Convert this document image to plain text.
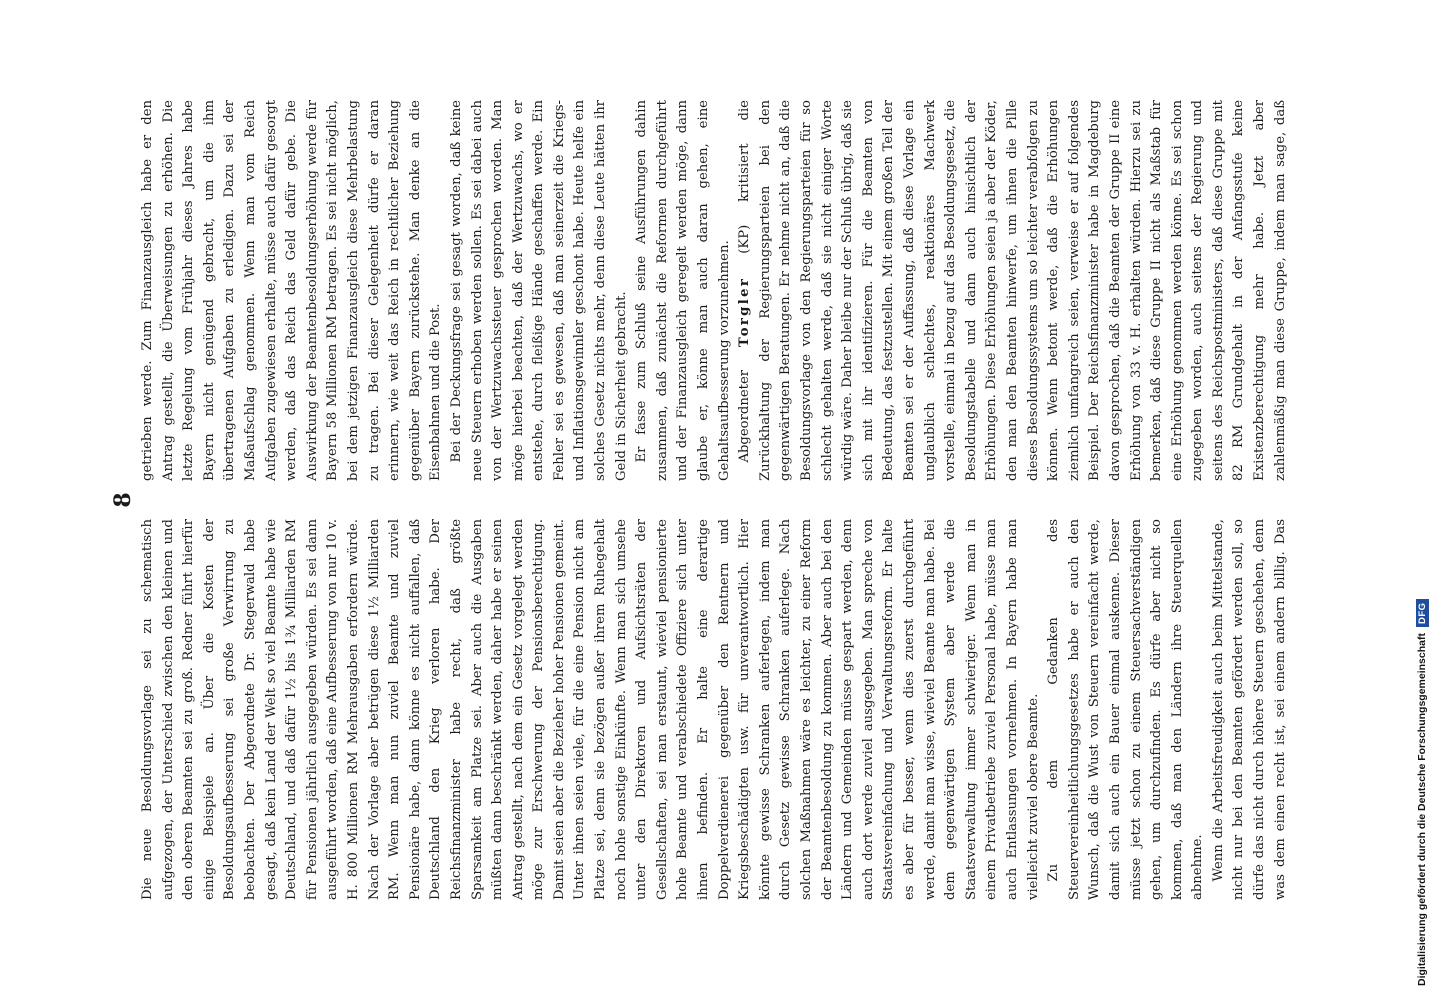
8

Die neue Besoldungsvorlage sei zu schematisch aufgezogen, der Unterschied zwischen den kleinen und den oberen Beamten sei zu groß. Redner führt hierfür einige Beispiele an. Über die Kosten der Besoldungsaufbesserung sei große Verwirrung zu beobachten. Der Abgeordnete Dr. Stegerwald habe gesagt, daß kein Land der Welt so viel Beamte habe wie Deutschland, und daß dafür 1½ bis 1¾ Milliarden RM für Pensionen jährlich ausgegeben würden. Es sei dann ausgeführt worden, daß eine Aufbesserung von nur 10 v. H. 800 Millionen RM Mehrausgaben erfordern würde. Nach der Vorlage aber betrügen diese 1½ Milliarden RM. Wenn man nun zuviel Beamte und zuviel Pensionäre habe, dann könne es nicht auffallen, daß Deutschland den Krieg verloren habe. Der Reichsfinanzminister habe recht, daß größte Sparsamkeit am Platze sei. Aber auch die Ausgaben müßten dann beschränkt werden, daher habe er seinen Antrag gestellt, nach dem ein Gesetz vorgelegt werden möge zur Erschwerung der Pensionsberechtigung. Damit seien aber die Bezieher hoher Pensionen gemeint. Unter ihnen seien viele, für die eine Pension nicht am Platze sei, denn sie bezögen außer ihrem Ruhegehalt noch hohe sonstige Einkünfte. Wenn man sich umsehe unter den Direktoren und Aufsichtsräten der Gesellschaften, sei man erstaunt, wieviel pensionierte hohe Beamte und verabschiedete Offiziere sich unter ihnen befinden. Er halte eine derartige Doppelverdienerei gegenüber den Rentnern und Kriegsbeschädigten usw. für unverantwortlich. Hier könnte gewisse Schranken auferlegen, indem man durch Gesetz gewisse Schranken auferlege. Nach solchen Maßnahmen wäre es leichter, zu einer Reform der Beamtenbesoldung zu kommen. Aber auch bei den Ländern und Gemeinden müsse gespart werden, denn auch dort werde zuviel ausgegeben. Man spreche von Staatsvereinfachung und Verwaltungsreform. Er halte es aber für besser, wenn dies zuerst durchgeführt werde, damit man wisse, wieviel Beamte man habe. Bei dem gegenwärtigen System aber werde die Staatsverwaltung immer schwieriger. Wenn man in einem Privatbetriebe zuviel Personal habe, müsse man auch Entlassungen vornehmen. In Bayern habe man vielleicht zuviel obere Beamte. Zu dem Gedanken des Steuervereinheitlichungsgesetzes habe er auch den Wunsch, daß die Wust von Steuern vereinfacht werde, damit sich auch ein Bauer einmal auskenne. Dieser müsse jetzt schon zu einem Steuersachverständigen gehen, um durchzufinden. Es dürfe aber nicht so kommen, daß man den Ländern ihre Steuerquellen abnehme. Wenn die Arbeitsfreudigkeit auch beim Mittelstande, nicht nur bei den Beamten gefördert werden soll, so dürfe das nicht durch höhere Steuern geschehen, denn was dem einen recht ist, sei einem andern billig. Das

getrieben werde. Zum Finanzausgleich habe er den Antrag gestellt, die Überweisungen zu erhöhen. Die letzte Regelung vom Frühjahr dieses Jahres habe Bayern nicht genügend gebracht, um die ihm übertragenen Aufgaben zu erledigen. Dazu sei der Maßaufschlag genommen. Wenn man vom Reich Aufgaben zugewiesen erhalte, müsse auch dafür gesorgt werden, daß das Reich das Geld dafür gebe. Die Auswirkung der Beamtenbesoldungserhöhung werde für Bayern 58 Millionen RM betragen. Es sei nicht möglich, bei dem jetzigen Finanzausgleich diese Mehrbelastung zu tragen. Bei dieser Gelegenheit dürfe er daran erinnern, wie weit das Reich in rechtlicher Beziehung gegenüber Bayern zurückstehe. Man denke an die Eisenbahnen und die Post. Bei der Deckungsfrage sei gesagt worden, daß keine neue Steuern erhoben werden sollen. Es sei dabei auch von der Wertzuwachssteuer gesprochen worden. Man möge hierbei beachten, daß der Wertzuwachs, wo er entstehe, durch fleißige Hände geschaffen werde. Ein Fehler sei es gewesen, daß man seinerzeit die Kriegs- und Inflationsgewinnler geschont habe. Heute helfe ein solches Gesetz nichts mehr, denn diese Leute hätten ihr Geld in Sicherheit gebracht. Er fasse zum Schluß seine Ausführungen dahin zusammen, daß zunächst die Reformen durchgeführt und der Finanzausgleich geregelt werden möge, dann glaube er, könne man auch daran gehen, eine Gehaltsaufbesserung vorzunehmen. Abgeordneter Torgler (KP) kritisiert die Zurückhaltung der Regierungsparteien bei den gegenwärtigen Beratungen. Er nehme nicht an, daß die Besoldungsvorlage von den Regierungsparteien für so schlecht gehalten werde, daß sie nicht einiger Worte würdig wäre. Daher bleibe nur der Schluß übrig, daß sie sich mit ihr identifizieren. Für die Beamten von Bedeutung, das festzustellen. Mit einem großen Teil der Beamten sei er der Auffassung, daß diese Vorlage ein unglaublich schlechtes, reaktionäres Machwerk vorstelle, einmal in bezug auf das Besoldungsgesetz, die Besoldungstabelle und dann auch hinsichtlich der Erhöhungen. Diese Erhöhungen seien ja aber der Köder, den man den Beamten hinwerfe, um ihnen die Pille dieses Besoldungssystems um so leichter verabfolgen zu können. Wenn betont werde, daß die Erhöhungen ziemlich umfangreich seien, verweise er auf folgendes Beispiel. Der Reichsfinanzminister habe in Magdeburg davon gesprochen, daß die Beamten der Gruppe II eine Erhöhung von 33 v. H. erhalten würden. Hierzu sei zu bemerken, daß diese Gruppe II nicht als Maßstab für eine Erhöhung genommen werden könne. Es sei schon zugegeben worden, auch seitens der Regierung und seitens des Reichspostministers, daß diese Gruppe mit 82 RM Grundgehalt in der Anfangsstufe keine Existenzberechtigung mehr habe. Jetzt aber zahlenmäßig man diese Gruppe, indem man sage, daß

Digitalisierung gefördert durch die Deutsche Forschungsgemeinschaft
DFG
